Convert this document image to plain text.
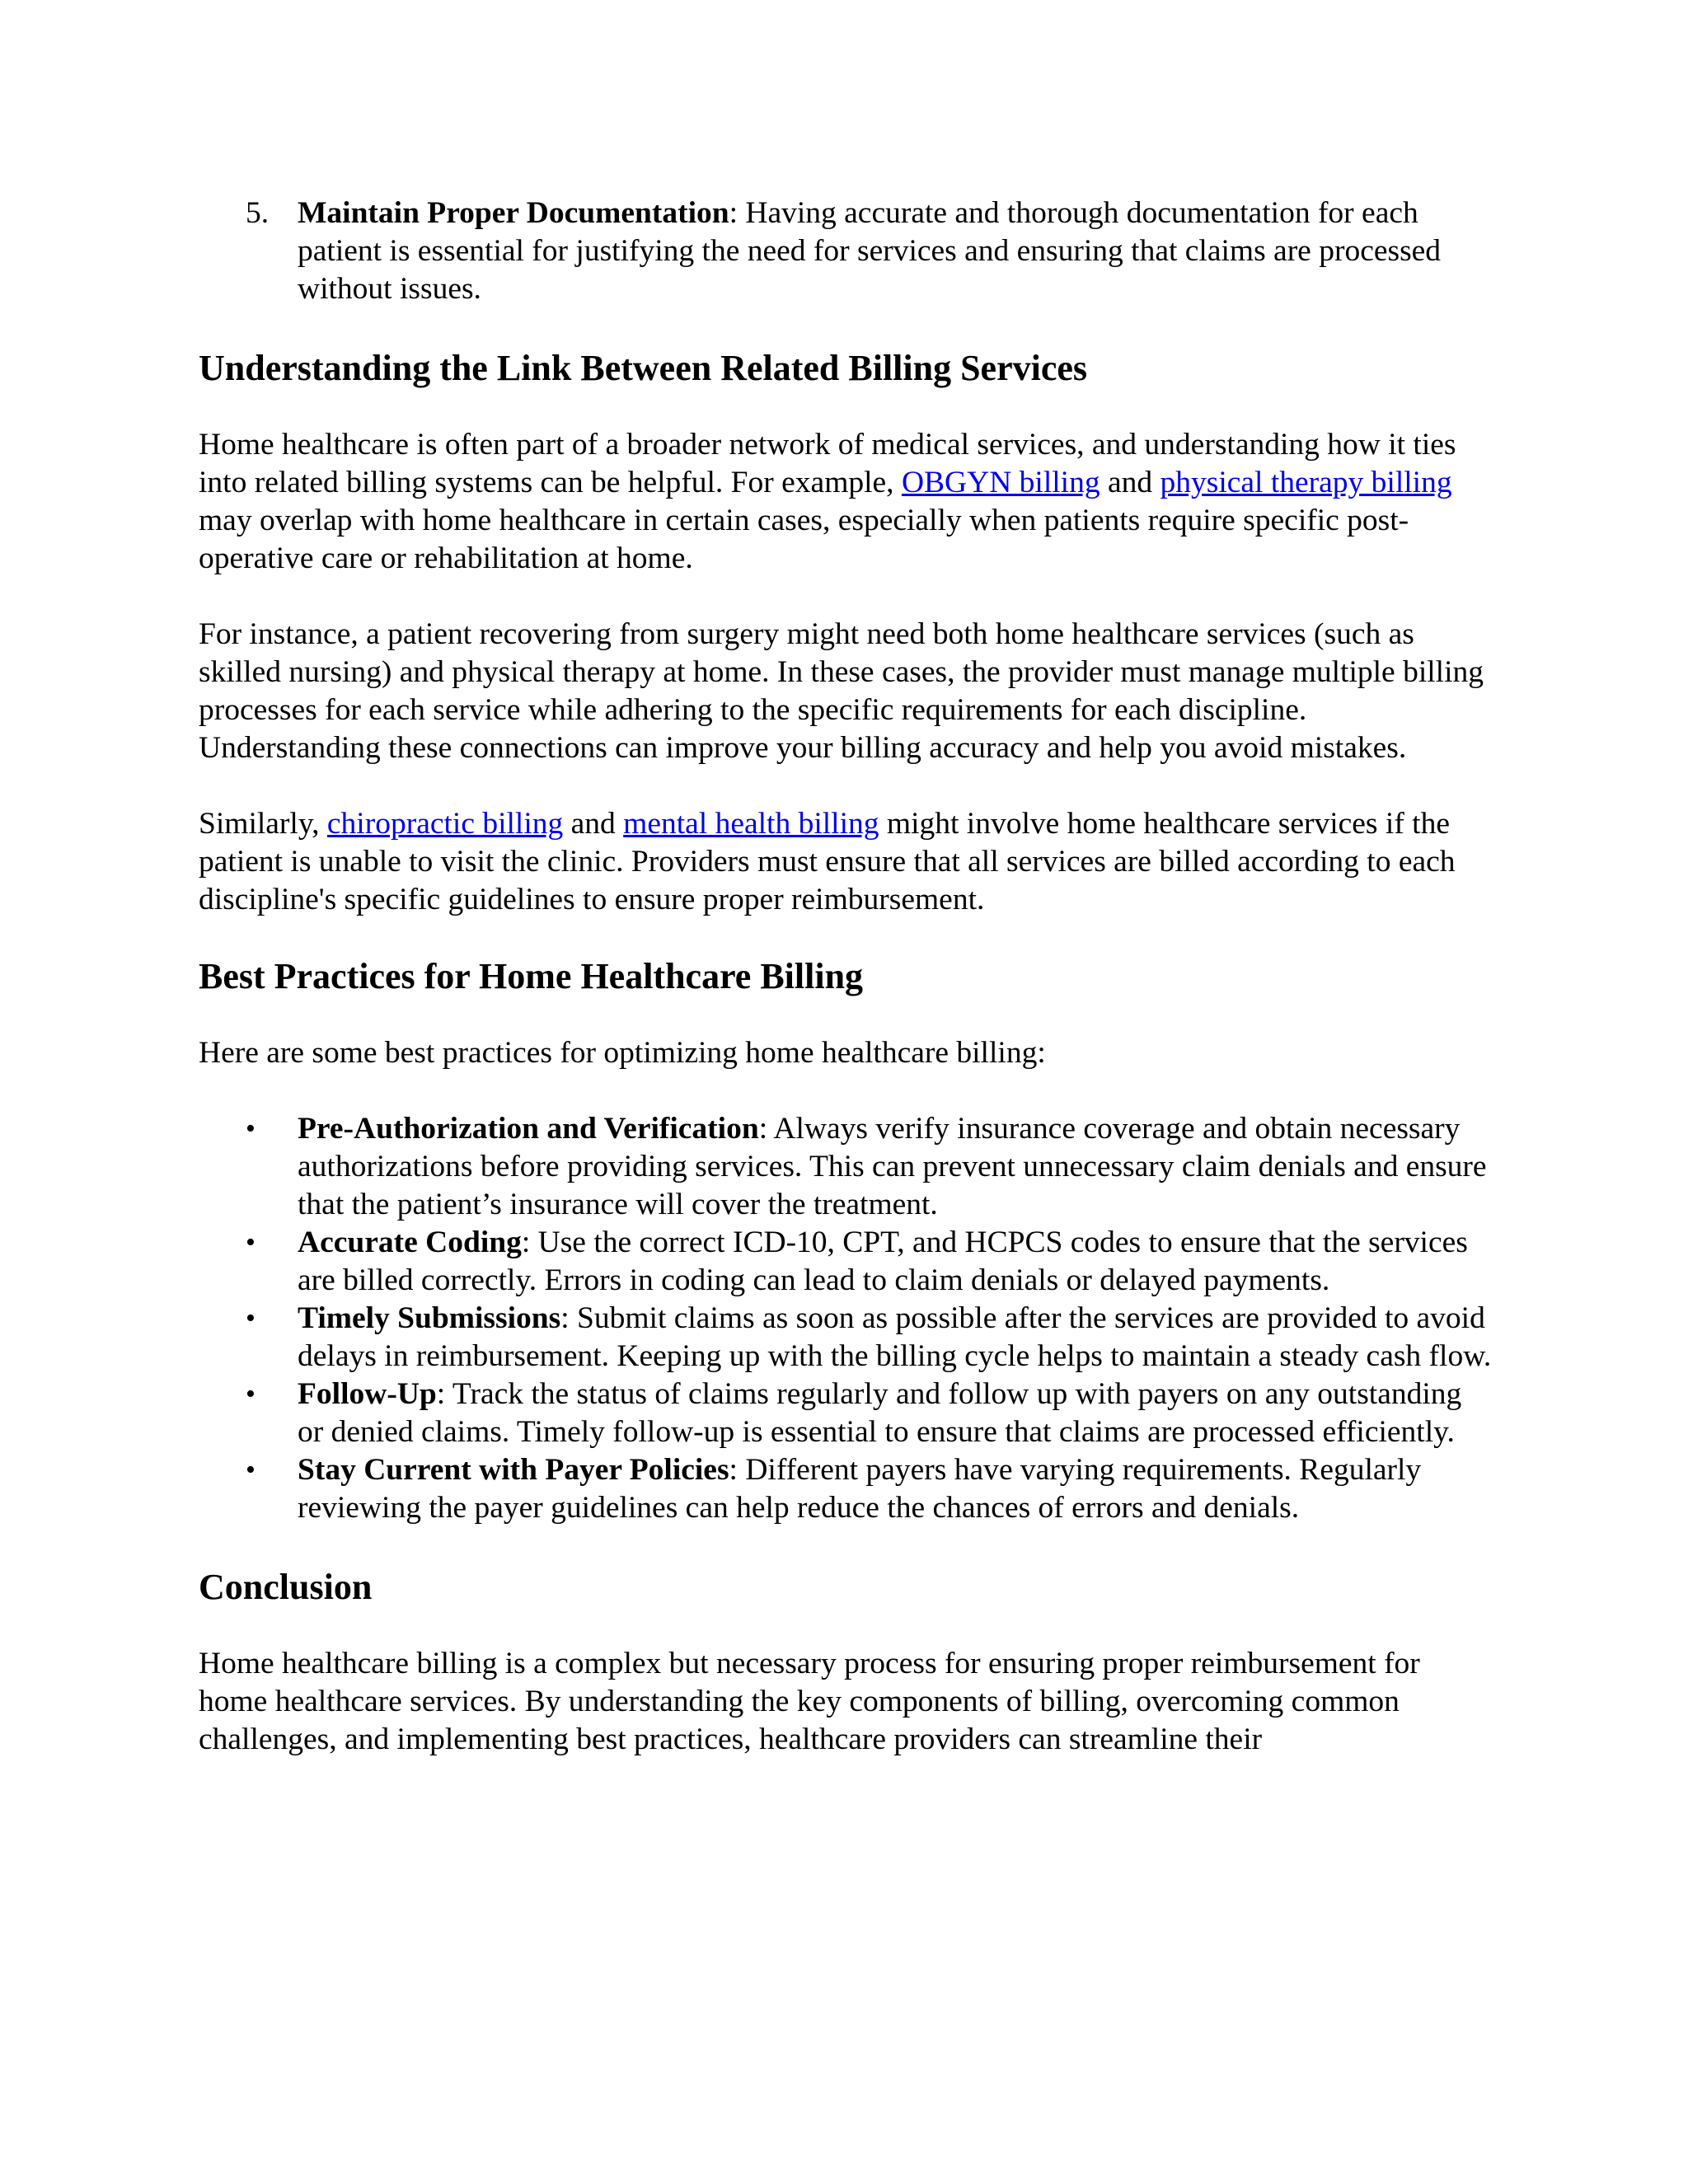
5. Maintain Proper Documentation: Having accurate and thorough documentation for each patient is essential for justifying the need for services and ensuring that claims are processed without issues.
Understanding the Link Between Related Billing Services

Home healthcare is often part of a broader network of medical services, and understanding how it ties into related billing systems can be helpful. For example, OBGYN billing and physical therapy billing may overlap with home healthcare in certain cases, especially when patients require specific post-operative care or rehabilitation at home.

For instance, a patient recovering from surgery might need both home healthcare services (such as skilled nursing) and physical therapy at home. In these cases, the provider must manage multiple billing processes for each service while adhering to the specific requirements for each discipline. Understanding these connections can improve your billing accuracy and help you avoid mistakes.

Similarly, chiropractic billing and mental health billing might involve home healthcare services if the patient is unable to visit the clinic. Providers must ensure that all services are billed according to each discipline's specific guidelines to ensure proper reimbursement.

Best Practices for Home Healthcare Billing

Here are some best practices for optimizing home healthcare billing:

• Pre-Authorization and Verification: Always verify insurance coverage and obtain necessary authorizations before providing services. This can prevent unnecessary claim denials and ensure that the patient’s insurance will cover the treatment.
• Accurate Coding: Use the correct ICD-10, CPT, and HCPCS codes to ensure that the services are billed correctly. Errors in coding can lead to claim denials or delayed payments.
• Timely Submissions: Submit claims as soon as possible after the services are provided to avoid delays in reimbursement. Keeping up with the billing cycle helps to maintain a steady cash flow.
• Follow-Up: Track the status of claims regularly and follow up with payers on any outstanding or denied claims. Timely follow-up is essential to ensure that claims are processed efficiently.
• Stay Current with Payer Policies: Different payers have varying requirements. Regularly reviewing the payer guidelines can help reduce the chances of errors and denials.
Conclusion

Home healthcare billing is a complex but necessary process for ensuring proper reimbursement for home healthcare services. By understanding the key components of billing, overcoming common challenges, and implementing best practices, healthcare providers can streamline their
